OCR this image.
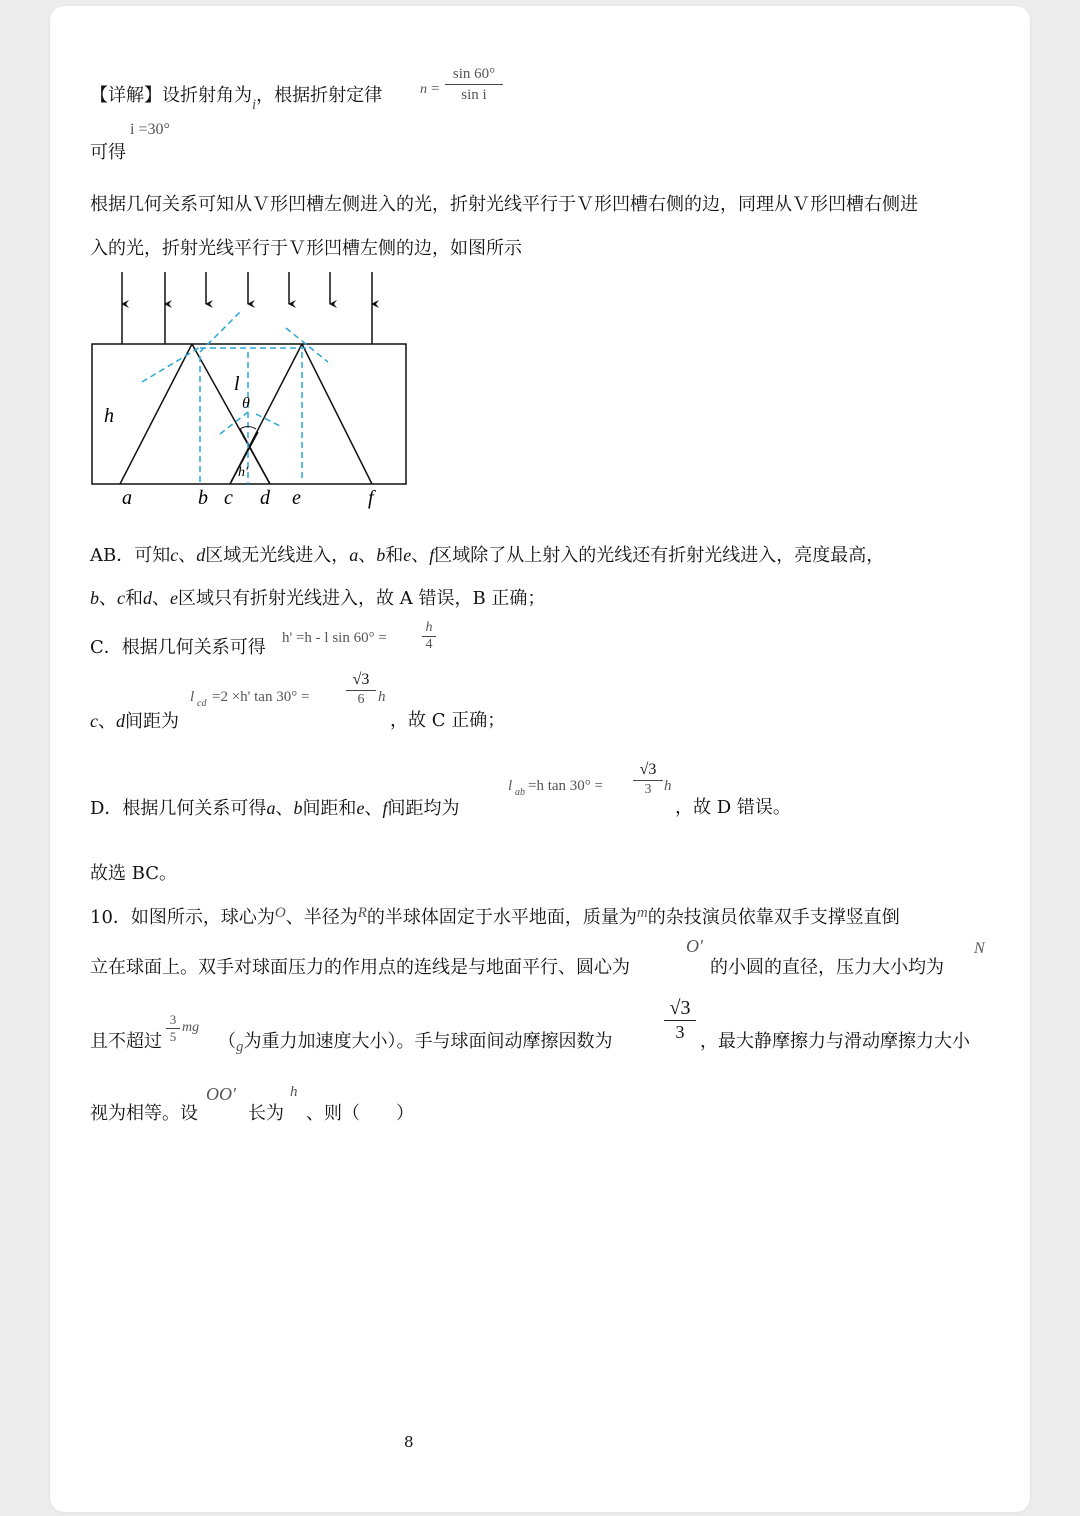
【详解】设折射角为$_i$，根据折射定律	n =
sin 60°
sin i
i =30°
可得
根据几何关系可知从Ｖ形凹槽左侧进入的光，折射光线平行于Ｖ形凹槽右侧的边，同理从Ｖ形凹槽右侧进
入的光，折射光线平行于Ｖ形凹槽左侧的边，如图所示
h
l
θ
h'
a	b c d e	f
AB．可知c、d区域无光线进入，a、b和e、f区域除了从上射入的光线还有折射光线进入，亮度最高，
b、c和d、e区域只有折射光线进入，故 A 错误，B 正确；
C．根据几何关系可得 h' =h - l sin 60° =
h
4
c、d间距为
l cd =2 ×h' tan 30° =
√3
6 h
，故 C 正确；
D．根据几何关系可得a、b间距和e、f间距均为
l ab =h tan 30° =
√3
3 h
，故 D 错误。
故选 BC。
10．如图所示，球心为$^O$、半径为$^R$的半球体固定于水平地面，质量为$^m$的杂技演员依靠双手支撑竖直倒
立在球面上。双手对球面压力的作用点的连线是与地面平行、圆心为
O'
的小圆的直径，压力大小均为
N
且不超过
3
5
mg
（$_g$为重力加速度大小）。手与球面间动摩擦因数为
√3
3 ，最大静摩擦力与滑动摩擦力大小
视为相等。设
OO'
长为
h
、则（　　）
8
